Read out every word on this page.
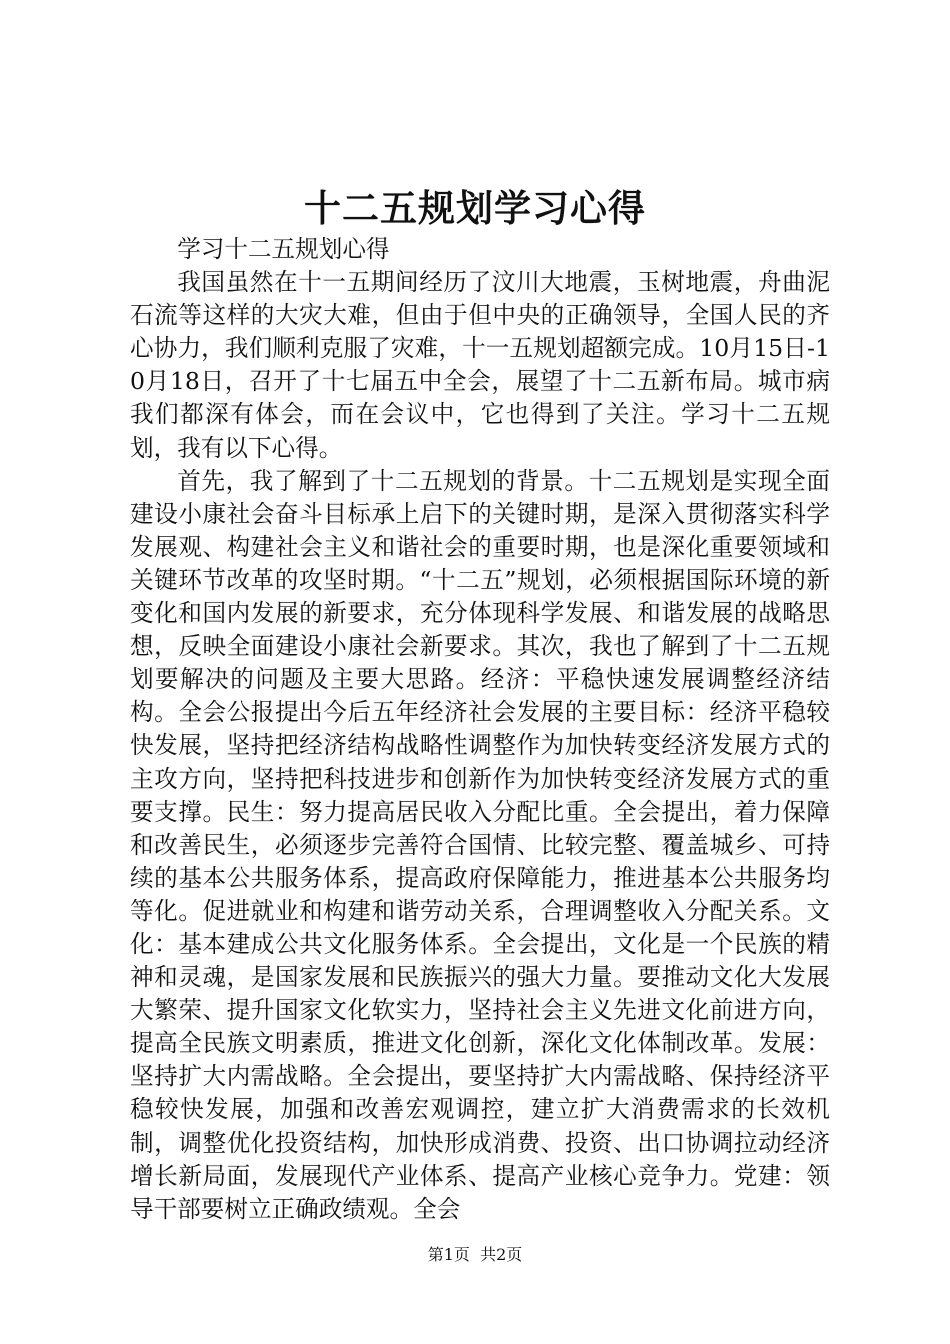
十二五规划学习心得

学习十二五规划心得

我国虽然在十一五期间经历了汶川大地震，玉树地震，舟曲泥石流等这样的大灾大难，但由于但中央的正确领导，全国人民的齐心协力，我们顺利克服了灾难，十一五规划超额完成。10月15日-10月18日，召开了十七届五中全会，展望了十二五新布局。城市病我们都深有体会，而在会议中，它也得到了关注。学习十二五规划，我有以下心得。

首先，我了解到了十二五规划的背景。十二五规划是实现全面建设小康社会奋斗目标承上启下的关键时期，是深入贯彻落实科学发展观、构建社会主义和谐社会的重要时期，也是深化重要领域和关键环节改革的攻坚时期。“十二五”规划，必须根据国际环境的新变化和国内发展的新要求，充分体现科学发展、和谐发展的战略思想，反映全面建设小康社会新要求。其次，我也了解到了十二五规划要解决的问题及主要大思路。经济：平稳快速发展调整经济结构。全会公报提出今后五年经济社会发展的主要目标：经济平稳较快发展，坚持把经济结构战略性调整作为加快转变经济发展方式的主攻方向，坚持把科技进步和创新作为加快转变经济发展方式的重要支撑。民生：努力提高居民收入分配比重。全会提出，着力保障和改善民生，必须逐步完善符合国情、比较完整、覆盖城乡、可持续的基本公共服务体系，提高政府保障能力，推进基本公共服务均等化。促进就业和构建和谐劳动关系，合理调整收入分配关系。文化：基本建成公共文化服务体系。全会提出，文化是一个民族的精神和灵魂，是国家发展和民族振兴的强大力量。要推动文化大发展大繁荣、提升国家文化软实力，坚持社会主义先进文化前进方向，提高全民族文明素质，推进文化创新，深化文化体制改革。发展：坚持扩大内需战略。全会提出，要坚持扩大内需战略、保持经济平稳较快发展，加强和改善宏观调控，建立扩大消费需求的长效机制，调整优化投资结构，加快形成消费、投资、出口协调拉动经济增长新局面，发展现代产业体系、提高产业核心竞争力。党建：领导干部要树立正确政绩观。全会

第1页 共2页
